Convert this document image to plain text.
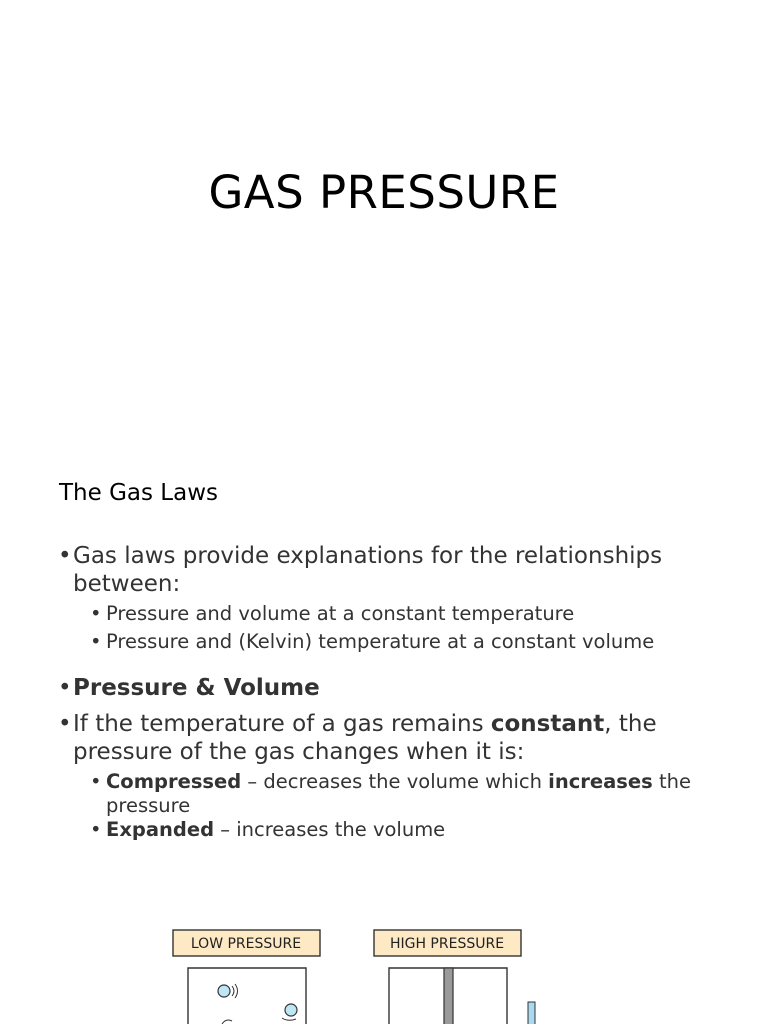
GAS PRESSURE
The Gas Laws
• Gas laws provide explanations for the relationships between:
• Pressure and volume at a constant temperature
• Pressure and (Kelvin) temperature at a constant volume
• Pressure & Volume
• If the temperature of a gas remains constant, the pressure of the gas changes when it is:
• Compressed – decreases the volume which increases the pressure
• Expanded – increases the volume
LOW PRESSURE	HIGH PRESSURE
